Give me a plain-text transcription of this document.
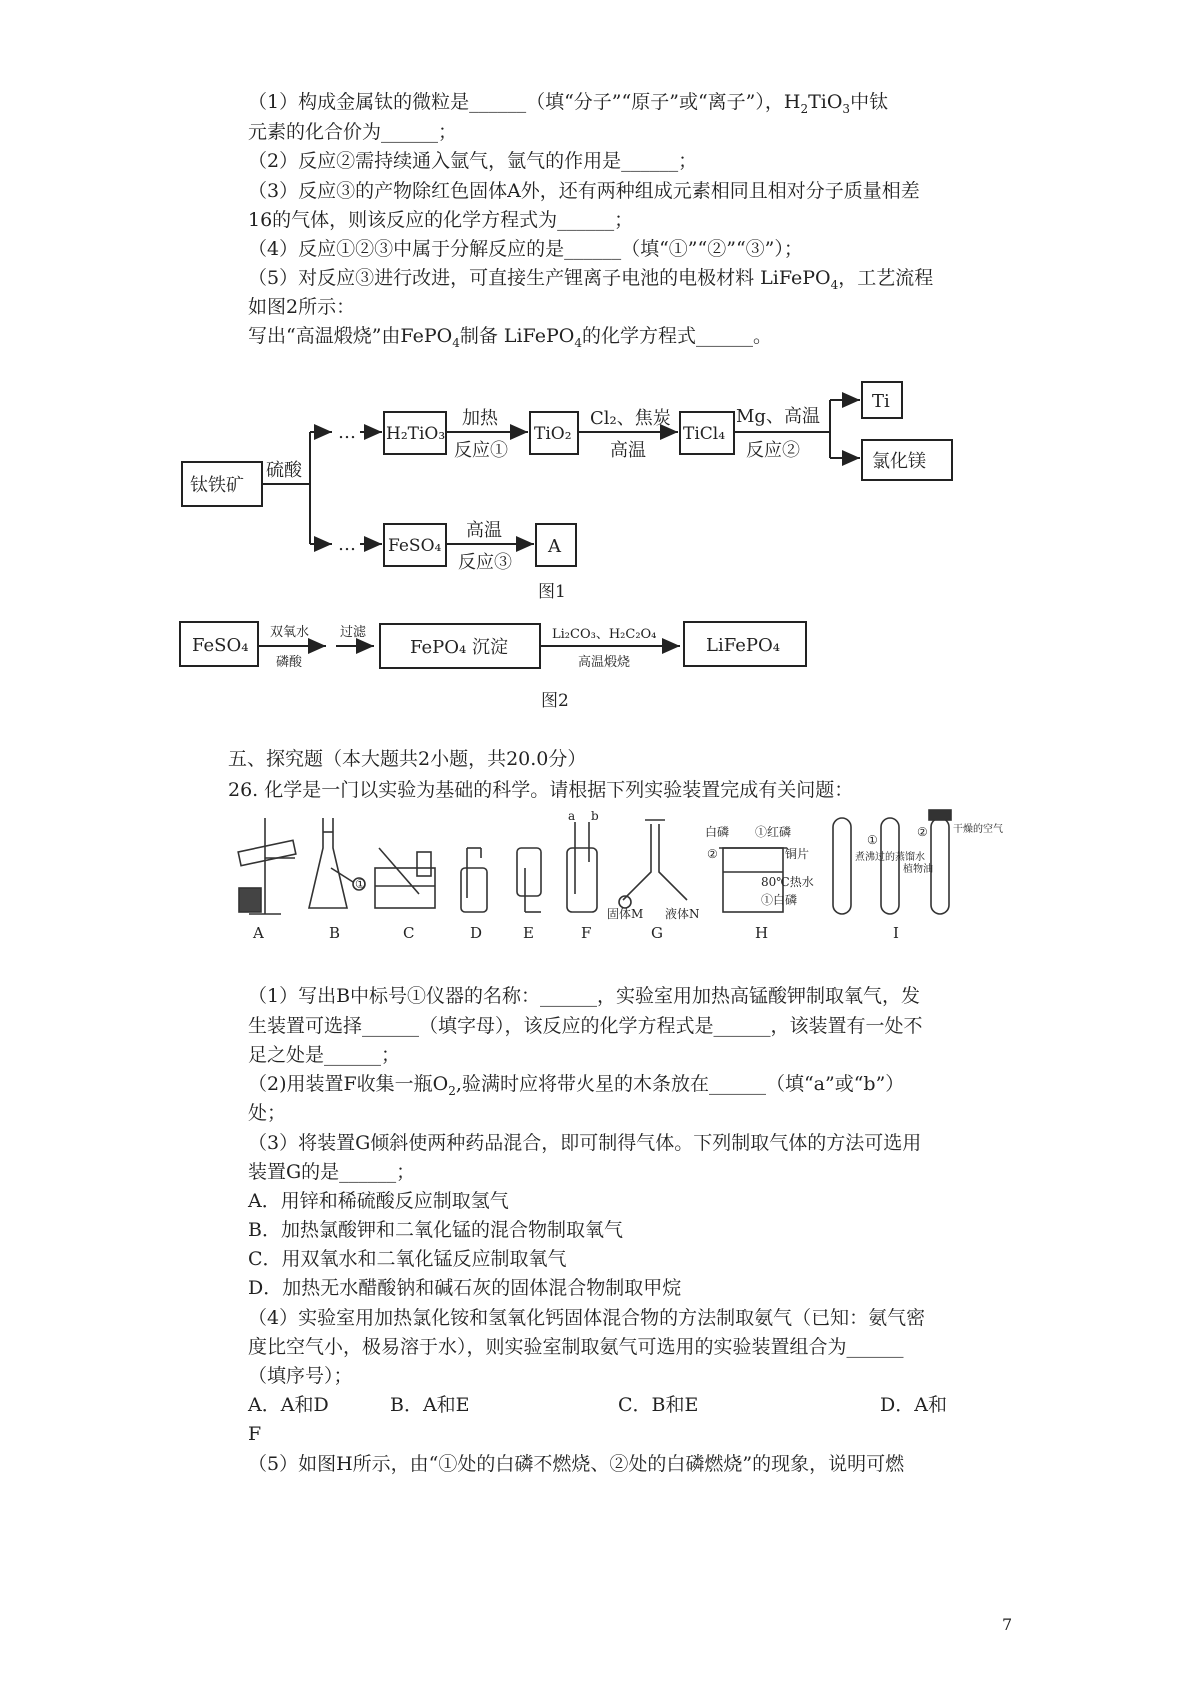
（1）构成金属钛的微粒是______（填“分子”“原子”或“离子”），$H_2TiO_3$中钛

元素的化合价为______；

（2）反应②需持续通入氩气，氩气的作用是______；

（3）反应③的产物除红色固体A外，还有两种组成元素相同且相对分子质量相差

16的气体，则该反应的化学方程式为______；

（4）反应①②③中属于分解反应的是______（填“①”“②”“③”）；

（5）对反应③进行改进，可直接生产锂离子电池的电极材料 LiFePO$_4$，工艺流程

如图2所示：

写出“高温煅烧”由FePO$_4$制备 LiFePO$_4$的化学方程式______。

钛铁矿
硫酸
…
…
H₂TiO₃
加热
反应①
TiO₂
Cl₂、焦炭
高温
TiCl₄
Mg、高温
反应②
Ti
氯化镁
FeSO₄
高温
反应③
A
图1
FeSO₄
双氧水
磷酸
过滤
FePO₄ 沉淀
Li₂CO₃、H₂C₂O₄
高温煅烧
LiFePO₄
图2

五、探究题（本大题共2小题，共20.0分）

26. 化学是一门以实验为基础的科学。请根据下列实验装置完成有关问题：

①
a b
固体M 液体N
白磷 ①红磷
②	铜片
80℃热水
①白磷
①
②
煮沸过的蒸馏水
植物油
干燥的空气
A	B	C	D	E	F	G	H	I

（1）写出B中标号①仪器的名称：______，实验室用加热高锰酸钾制取氧气，发

生装置可选择______（填字母），该反应的化学方程式是______，该装置有一处不

足之处是______；

（2)用装置F收集一瓶$O_2$,验满时应将带火星的木条放在______（填“a”或“b”）

处；

（3）将装置G倾斜使两种药品混合，即可制得气体。下列制取气体的方法可选用

装置G的是______；

A．用锌和稀硫酸反应制取氢气

B．加热氯酸钾和二氧化锰的混合物制取氧气

C．用双氧水和二氧化锰反应制取氧气

D．加热无水醋酸钠和碱石灰的固体混合物制取甲烷

（4）实验室用加热氯化铵和氢氧化钙固体混合物的方法制取氨气（已知：氨气密

度比空气小，极易溶于水），则实验室制取氨气可选用的实验装置组合为______

（填序号）；

A．A和D	B．A和E	C．B和E	D．A和

F

（5）如图H所示，由“①处的白磷不燃烧、②处的白磷燃烧”的现象，说明可燃

7
